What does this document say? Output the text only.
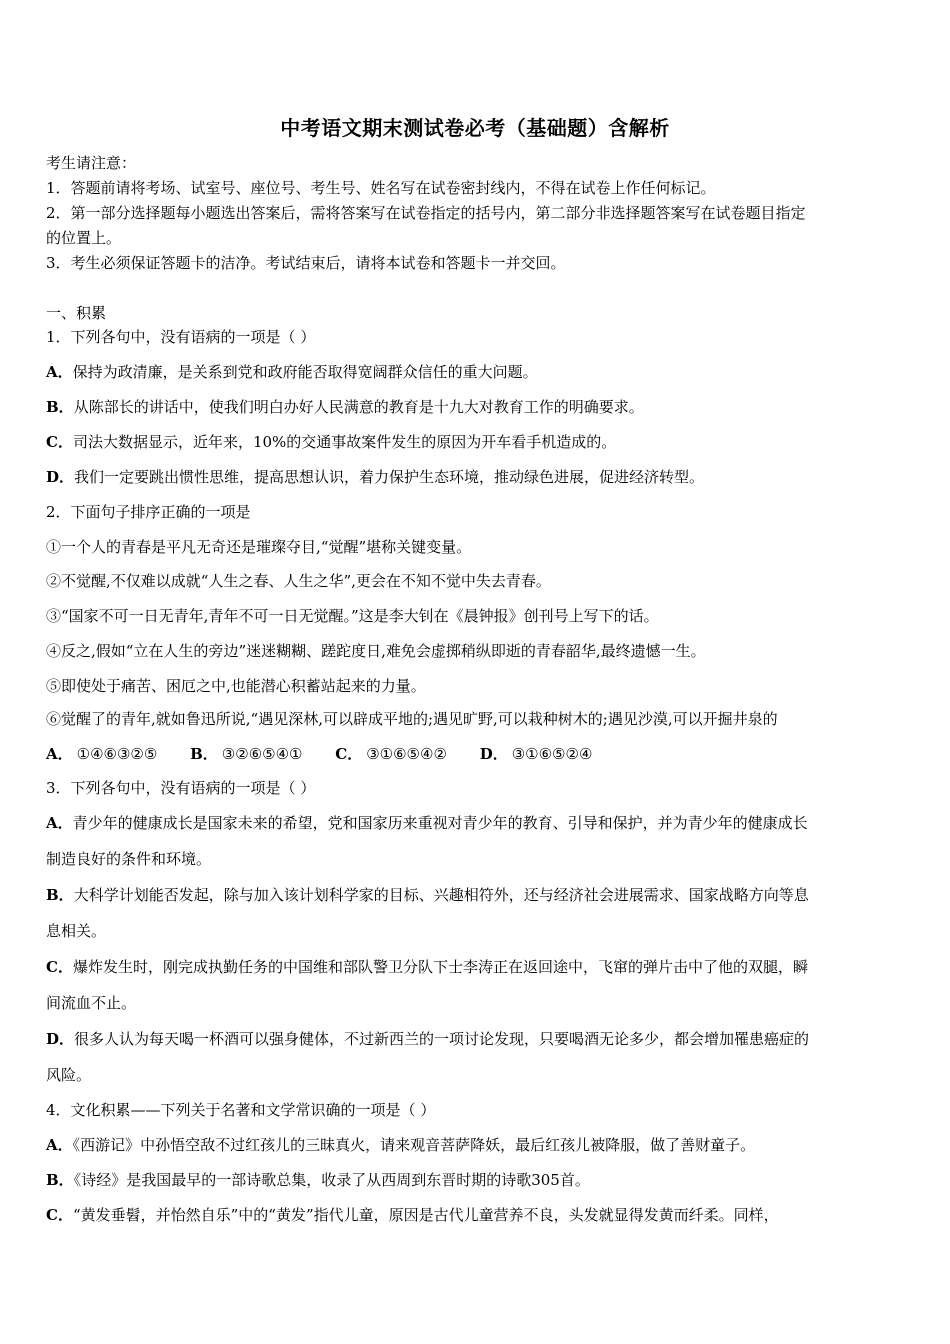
中考语文期末测试卷必考（基础题）含解析
考生请注意：
1．答题前请将考场、试室号、座位号、考生号、姓名写在试卷密封线内，不得在试卷上作任何标记。
2．第一部分选择题每小题选出答案后，需将答案写在试卷指定的括号内，第二部分非选择题答案写在试卷题目指定
的位置上。
3．考生必须保证答题卡的洁净。考试结束后，请将本试卷和答题卡一并交回。
一、积累
1．下列各句中，没有语病的一项是（ ）
A．保持为政清廉，是关系到党和政府能否取得宽阔群众信任的重大问题。
B．从陈部长的讲话中，使我们明白办好人民满意的教育是十九大对教育工作的明确要求。
C．司法大数据显示，近年来，10%的交通事故案件发生的原因为开车看手机造成的。
D．我们一定要跳出惯性思维，提高思想认识，着力保护生态环境，推动绿色进展，促进经济转型。
2．下面句子排序正确的一项是
①一个人的青春是平凡无奇还是璀璨夺目,“觉醒”堪称关键变量。
②不觉醒,不仅难以成就“人生之春、人生之华”,更会在不知不觉中失去青春。
③“国家不可一日无青年,青年不可一日无觉醒。”这是李大钊在《晨钟报》创刊号上写下的话。
④反之,假如“立在人生的旁边”迷迷糊糊、蹉跎度日,难免会虚掷稍纵即逝的青春韶华,最终遗憾一生。
⑤即使处于痛苦、困厄之中,也能潜心积蓄站起来的力量。
⑥觉醒了的青年,就如鲁迅所说,“遇见深林,可以辟成平地的;遇见旷野,可以栽种树木的;遇见沙漠,可以开掘井泉的
A． ①④⑥③②⑤ B． ③②⑥⑤④① C． ③①⑥⑤④② D． ③①⑥⑤②④
3．下列各句中，没有语病的一项是（ ）
A．青少年的健康成长是国家未来的希望，党和国家历来重视对青少年的教育、引导和保护，并为青少年的健康成长
制造良好的条件和环境。
B．大科学计划能否发起，除与加入该计划科学家的目标、兴趣相符外，还与经济社会进展需求、国家战略方向等息
息相关。
C．爆炸发生时，刚完成执勤任务的中国维和部队警卫分队下士李涛正在返回途中，飞窜的弹片击中了他的双腿，瞬
间流血不止。
D．很多人认为每天喝一杯酒可以强身健体，不过新西兰的一项讨论发现，只要喝酒无论多少，都会增加罹患癌症的
风险。
4．文化积累——下列关于名著和文学常识确的一项是（ ）
A．《西游记》中孙悟空敌不过红孩儿的三昧真火，请来观音菩萨降妖，最后红孩儿被降服，做了善财童子。
B．《诗经》是我国最早的一部诗歌总集，收录了从西周到东晋时期的诗歌305首。
C．“黄发垂髫，并怡然自乐”中的“黄发”指代儿童，原因是古代儿童营养不良，头发就显得发黄而纤柔。同样，
